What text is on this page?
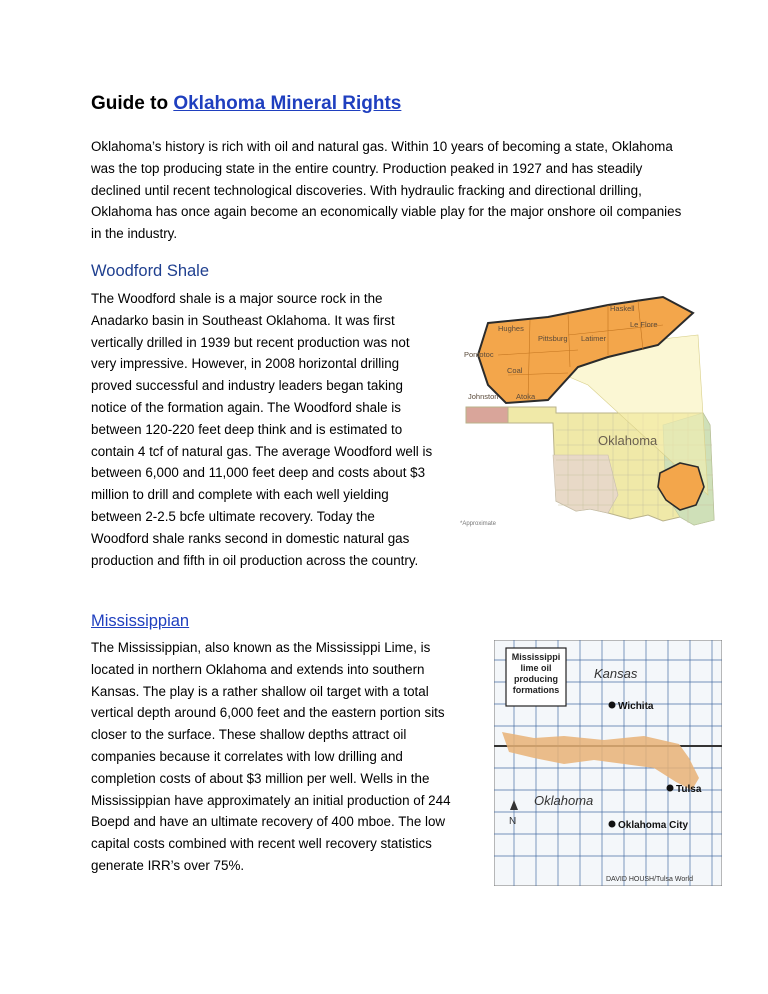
Guide to Oklahoma Mineral Rights
Oklahoma’s history is rich with oil and natural gas. Within 10 years of becoming a state, Oklahoma was the top producing state in the entire country. Production peaked in 1927 and has steadily declined until recent technological discoveries. With hydraulic fracking and directional drilling, Oklahoma has once again become an economically viable play for the major onshore oil companies in the industry.
Woodford Shale
The Woodford shale is a major source rock in the Anadarko basin in Southeast Oklahoma. It was first vertically drilled in 1939 but recent production was not very impressive. However, in 2008 horizontal drilling proved successful and industry leaders began taking notice of the formation again. The Woodford shale is between 120-220 feet deep think and is estimated to contain 4 tcf of natural gas. The average Woodford well is between 6,000 and 11,000 feet deep and costs about $3 million to drill and complete with each well yielding between 2-2.5 bcfe ultimate recovery. Today the Woodford shale ranks second in domestic natural gas production and fifth in oil production across the country.
Haskell
Le Flore
Hughes
Pittsburg Latimer
Pontotoc
Coal
Johnston Atoka
Oklahoma
*Approximate
Mississippian
The Mississippian, also known as the Mississippi Lime, is located in northern Oklahoma and extends into southern Kansas. The play is a rather shallow oil target with a total vertical depth around 6,000 feet and the eastern portion sits closer to the surface. These shallow depths attract oil companies because it correlates with low drilling and completion costs of about $3 million per well. Wells in the Mississippian have approximately an initial production of 244 Boepd and have an ultimate recovery of 400 mboe. The low capital costs combined with recent well recovery statistics generate IRR’s over 75%.
Mississippi
lime oil
producing
formations
Kansas
Wichita
Tulsa
Oklahoma
Oklahoma City
N
DAVID HOUSH/Tulsa World
